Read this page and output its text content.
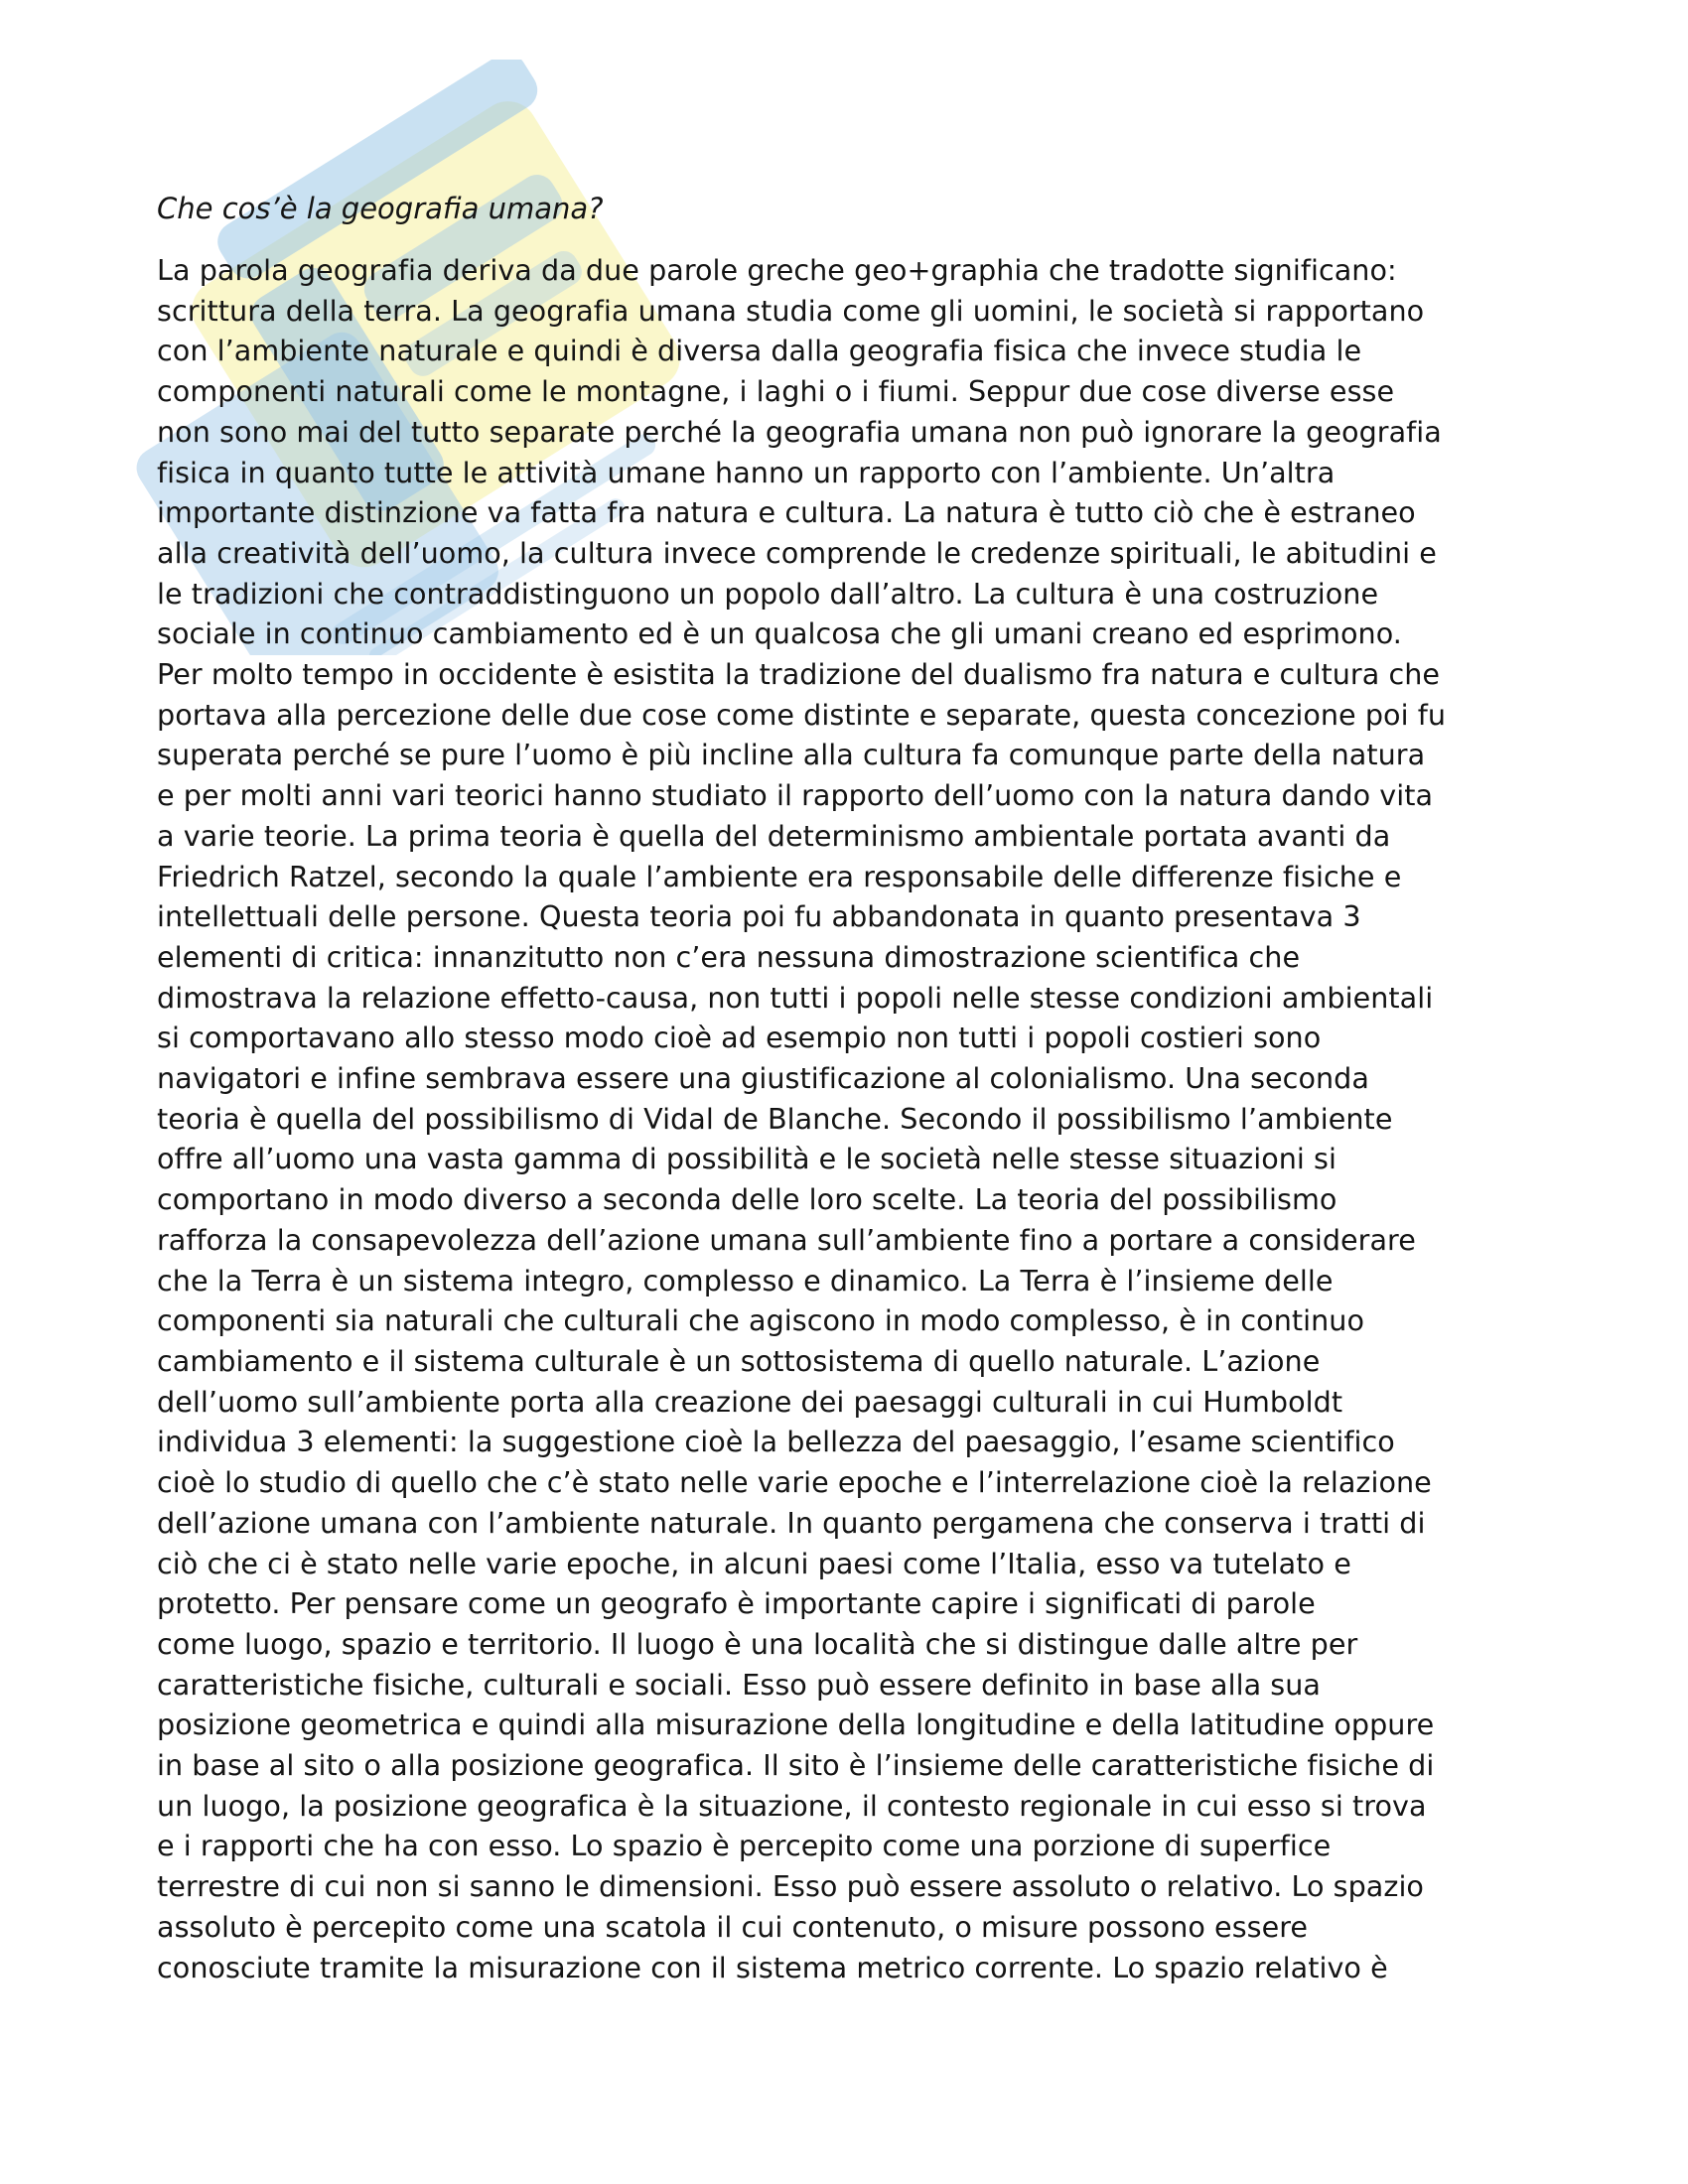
Che cos’è la geografia umana?

La parola geografia deriva da due parole greche geo+graphia che tradotte significano:
scrittura della terra. La geografia umana studia come gli uomini, le società si rapportano
con l’ambiente naturale e quindi è diversa dalla geografia fisica che invece studia le
componenti naturali come le montagne, i laghi o i fiumi. Seppur due cose diverse esse
non sono mai del tutto separate perché la geografia umana non può ignorare la geografia
fisica in quanto tutte le attività umane hanno un rapporto con l’ambiente. Un’altra
importante distinzione va fatta fra natura e cultura. La natura è tutto ciò che è estraneo
alla creatività dell’uomo, la cultura invece comprende le credenze spirituali, le abitudini e
le tradizioni che contraddistinguono un popolo dall’altro. La cultura è una costruzione
sociale in continuo cambiamento ed è un qualcosa che gli umani creano ed esprimono.
Per molto tempo in occidente è esistita la tradizione del dualismo fra natura e cultura che
portava alla percezione delle due cose come distinte e separate, questa concezione poi fu
superata perché se pure l’uomo è più incline alla cultura fa comunque parte della natura
e per molti anni vari teorici hanno studiato il rapporto dell’uomo con la natura dando vita
a varie teorie. La prima teoria è quella del determinismo ambientale portata avanti da
Friedrich Ratzel, secondo la quale l’ambiente era responsabile delle differenze fisiche e
intellettuali delle persone. Questa teoria poi fu abbandonata in quanto presentava 3
elementi di critica: innanzitutto non c’era nessuna dimostrazione scientifica che
dimostrava la relazione effetto-causa, non tutti i popoli nelle stesse condizioni ambientali
si comportavano allo stesso modo cioè ad esempio non tutti i popoli costieri sono
navigatori e infine sembrava essere una giustificazione al colonialismo. Una seconda
teoria è quella del possibilismo di Vidal de Blanche. Secondo il possibilismo l’ambiente
offre all’uomo una vasta gamma di possibilità e le società nelle stesse situazioni si
comportano in modo diverso a seconda delle loro scelte. La teoria del possibilismo
rafforza la consapevolezza dell’azione umana sull’ambiente fino a portare a considerare
che la Terra è un sistema integro, complesso e dinamico. La Terra è l’insieme delle
componenti sia naturali che culturali che agiscono in modo complesso, è in continuo
cambiamento e il sistema culturale è un sottosistema di quello naturale. L’azione
dell’uomo sull’ambiente porta alla creazione dei paesaggi culturali in cui Humboldt
individua 3 elementi: la suggestione cioè la bellezza del paesaggio, l’esame scientifico
cioè lo studio di quello che c’è stato nelle varie epoche e l’interrelazione cioè la relazione
dell’azione umana con l’ambiente naturale. In quanto pergamena che conserva i tratti di
ciò che ci è stato nelle varie epoche, in alcuni paesi come l’Italia, esso va tutelato e
protetto. Per pensare come un geografo è importante capire i significati di parole
come luogo, spazio e territorio. Il luogo è una località che si distingue dalle altre per
caratteristiche fisiche, culturali e sociali. Esso può essere definito in base alla sua
posizione geometrica e quindi alla misurazione della longitudine e della latitudine oppure
in base al sito o alla posizione geografica. Il sito è l’insieme delle caratteristiche fisiche di
un luogo, la posizione geografica è la situazione, il contesto regionale in cui esso si trova
e i rapporti che ha con esso. Lo spazio è percepito come una porzione di superfice
terrestre di cui non si sanno le dimensioni. Esso può essere assoluto o relativo. Lo spazio
assoluto è percepito come una scatola il cui contenuto, o misure possono essere
conosciute tramite la misurazione con il sistema metrico corrente. Lo spazio relativo è
